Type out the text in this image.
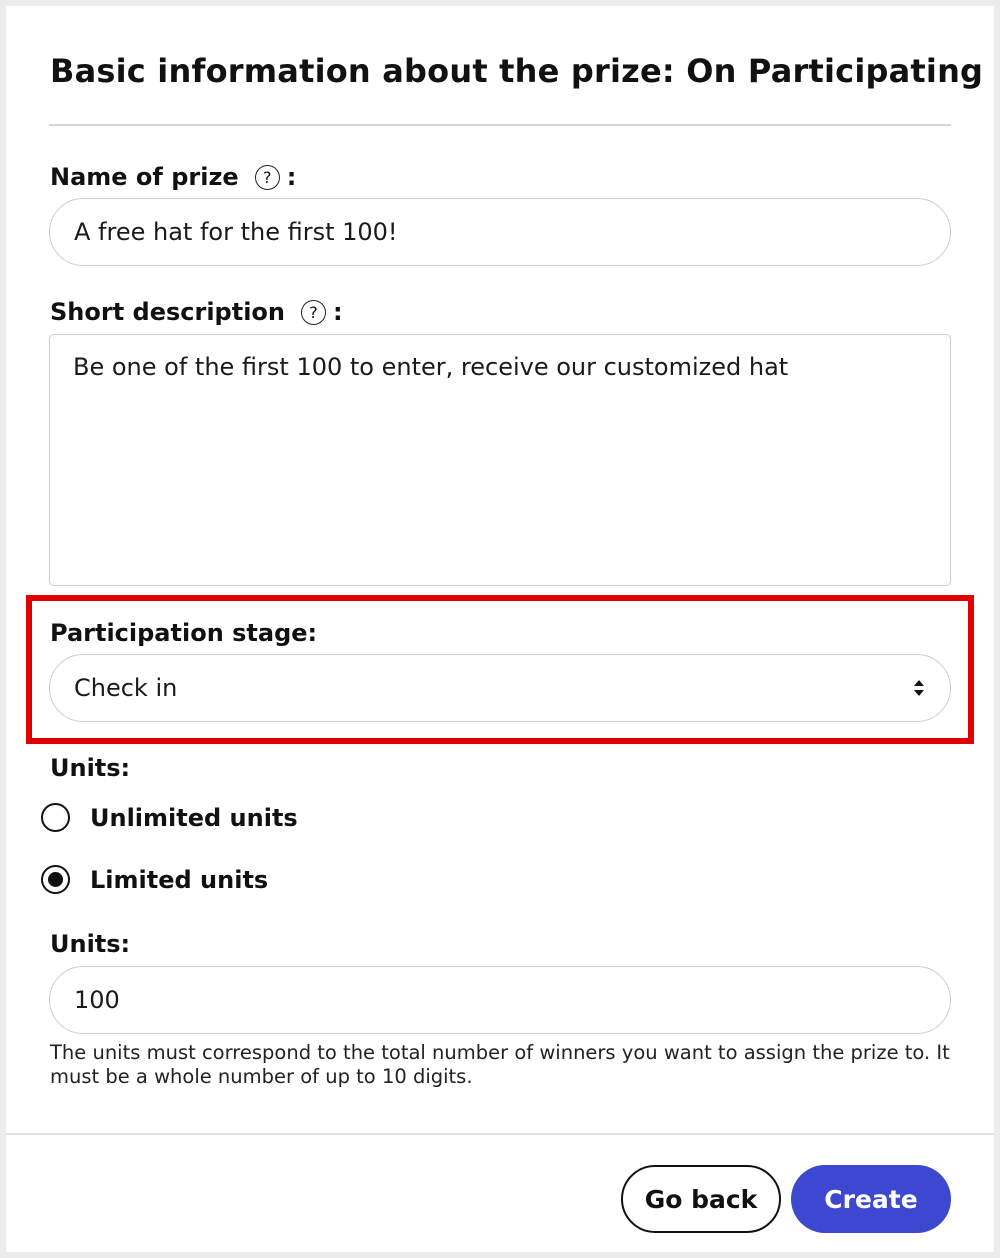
Basic information about the prize: On Participating
Name of prize	? :
A free hat for the first 100!
Short description	? :
Be one of the first 100 to enter, receive our customized hat
Participation stage:
Check in
Units:
Unlimited units
Limited units
Units:
100
The units must correspond to the total number of winners you want to assign the prize to. It must be a whole number of up to 10 digits.
Go back	Create
